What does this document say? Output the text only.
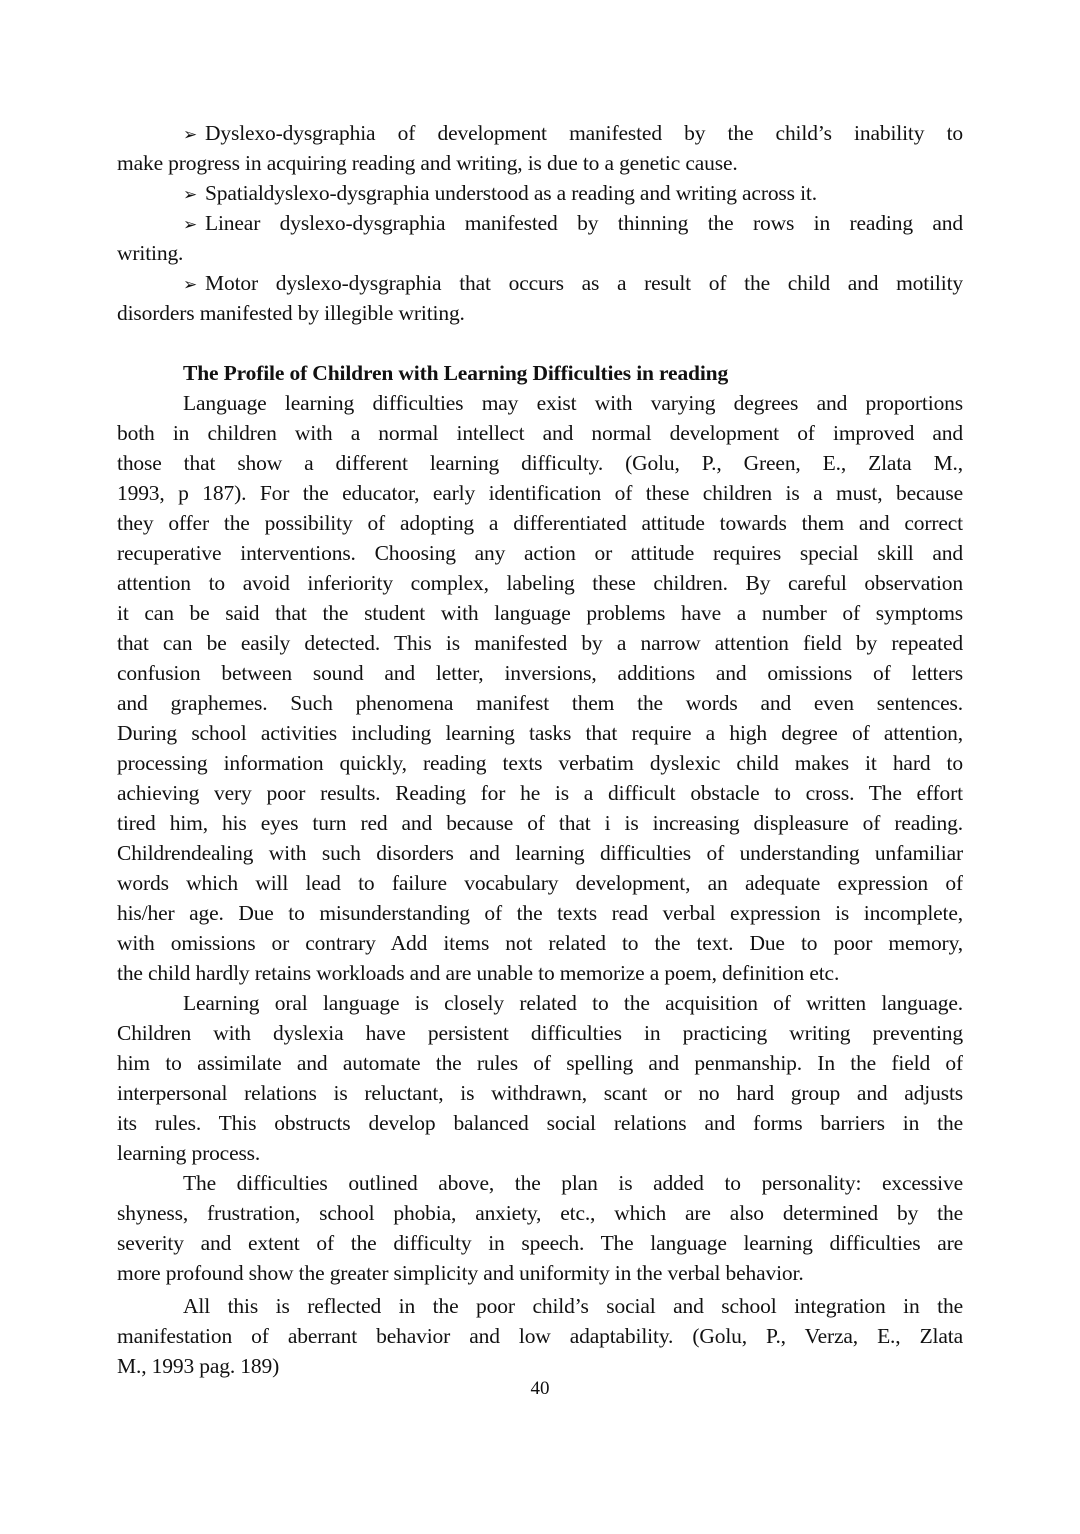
➢ Dyslexo-dysgraphia of development manifested by the child’s inability to
make progress in acquiring reading and writing, is due to a genetic cause.
➢ Spatialdyslexo-dysgraphia understood as a reading and writing across it.
➢ Linear dyslexo-dysgraphia manifested by thinning the rows in reading and
writing.
➢ Motor dyslexo-dysgraphia that occurs as a result of the child and motility
disorders manifested by illegible writing.
The Profile of Children with Learning Difficulties in reading
Language learning difficulties may exist with varying degrees and proportions
both in children with a normal intellect and normal development of improved and
those that show a different learning difficulty. (Golu, P., Green, E., Zlata M.,
1993, p 187). For the educator, early identification of these children is a must, because
they offer the possibility of adopting a differentiated attitude towards them and correct
recuperative interventions. Choosing any action or attitude requires special skill and
attention to avoid inferiority complex, labeling these children. By careful observation
it can be said that the student with language problems have a number of symptoms
that can be easily detected. This is manifested by a narrow attention field by repeated
confusion between sound and letter, inversions, additions and omissions of letters
and graphemes. Such phenomena manifest them the words and even sentences.
During school activities including learning tasks that require a high degree of attention,
processing information quickly, reading texts verbatim dyslexic child makes it hard to
achieving very poor results. Reading for he is a difficult obstacle to cross. The effort
tired him, his eyes turn red and because of that i is increasing displeasure of reading.
Childrendealing with such disorders and learning difficulties of understanding unfamiliar
words which will lead to failure vocabulary development, an adequate expression of
his/her age. Due to misunderstanding of the texts read verbal expression is incomplete,
with omissions or contrary Add items not related to the text. Due to poor memory,
the child hardly retains workloads and are unable to memorize a poem, definition etc.
Learning oral language is closely related to the acquisition of written language.
Children with dyslexia have persistent difficulties in practicing writing preventing
him to assimilate and automate the rules of spelling and penmanship. In the field of
interpersonal relations is reluctant, is withdrawn, scant or no hard group and adjusts
its rules. This obstructs develop balanced social relations and forms barriers in the
learning process.
The difficulties outlined above, the plan is added to personality: excessive
shyness, frustration, school phobia, anxiety, etc., which are also determined by the
severity and extent of the difficulty in speech. The language learning difficulties are
more profound show the greater simplicity and uniformity in the verbal behavior.
All this is reflected in the poor child’s social and school integration in the
manifestation of aberrant behavior and low adaptability. (Golu, P., Verza, E., Zlata
M., 1993 pag. 189)
40
